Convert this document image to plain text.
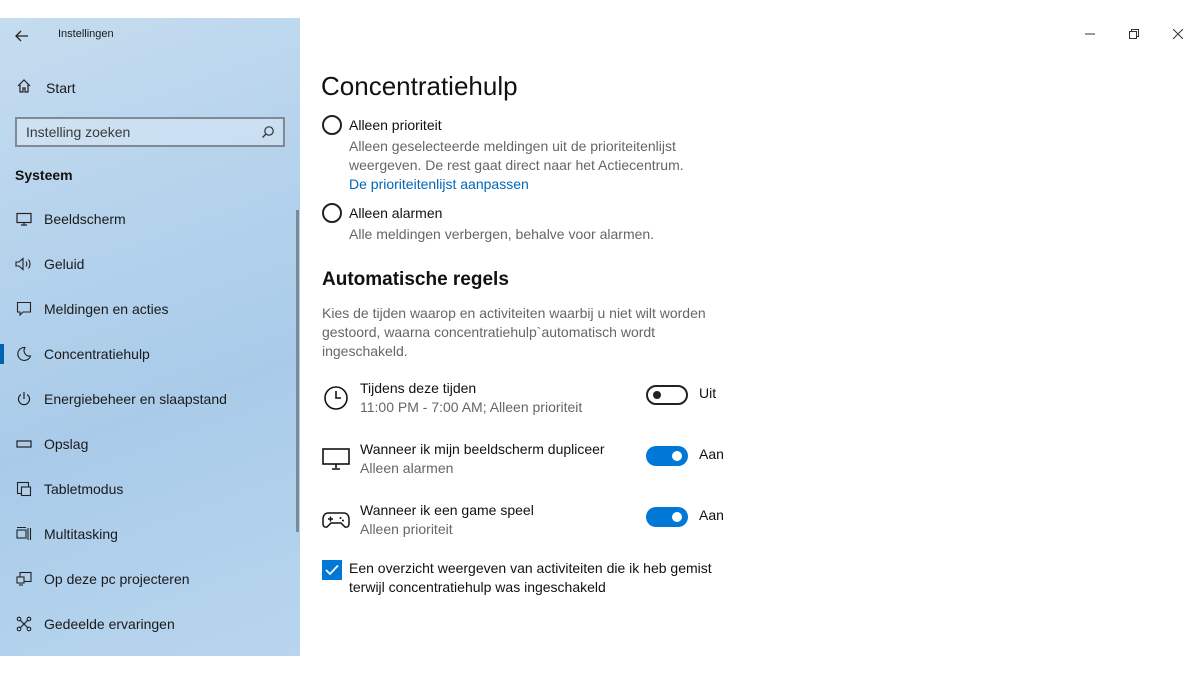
Instellingen
Start
Instelling zoeken
Systeem
Beeldscherm
Geluid
Meldingen en acties
Concentratiehulp
Energiebeheer en slaapstand
Opslag
Tabletmodus
Multitasking
Op deze pc projecteren
Gedeelde ervaringen
Concentratiehulp
Alleen prioriteit
Alleen geselecteerde meldingen uit de prioriteitenlijst weergeven. De rest gaat direct naar het Actiecentrum.
De prioriteitenlijst aanpassen
Alleen alarmen
Alle meldingen verbergen, behalve voor alarmen.
Automatische regels
Kies de tijden waarop en activiteiten waarbij u niet wilt worden gestoord, waarna concentratiehulp`automatisch wordt ingeschakeld.
Tijdens deze tijden
11:00 PM - 7:00 AM; Alleen prioriteit
Uit
Wanneer ik mijn beeldscherm dupliceer
Alleen alarmen
Aan
Wanneer ik een game speel
Alleen prioriteit
Aan
Een overzicht weergeven van activiteiten die ik heb gemist terwijl concentratiehulp was ingeschakeld
